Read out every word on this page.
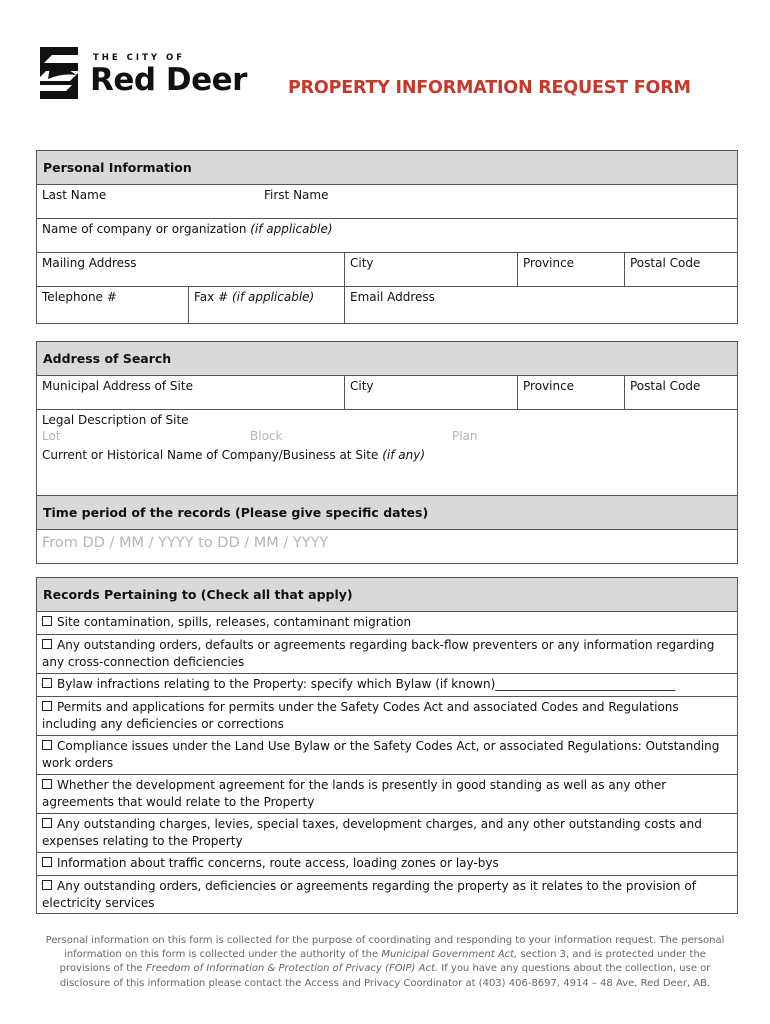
THE CITY OF
Red Deer PROPERTY INFORMATION REQUEST FORM
Personal Information
Last Name	First Name
Name of company or organization (if applicable)
Mailing Address	City	Province	Postal Code
Telephone #	Fax # (if applicable)	Email Address
Address of Search
Municipal Address of Site	City	Province	Postal Code
Legal Description of Site
Lot	Block	Plan
Current or Historical Name of Company/Business at Site (if any)
Time period of the records (Please give specific dates)
From DD / MM / YYYY to DD / MM / YYYY
Records Pertaining to (Check all that apply)
Site contamination, spills, releases, contaminant migration
Any outstanding orders, defaults or agreements regarding back-flow preventers or any information regarding any cross-connection deficiencies
Bylaw infractions relating to the Property: specify which Bylaw (if known)______________________________
Permits and applications for permits under the Safety Codes Act and associated Codes and Regulations including any deficiencies or corrections
Compliance issues under the Land Use Bylaw or the Safety Codes Act, or associated Regulations: Outstanding work orders
Whether the development agreement for the lands is presently in good standing as well as any other agreements that would relate to the Property
Any outstanding charges, levies, special taxes, development charges, and any other outstanding costs and expenses relating to the Property
Information about traffic concerns, route access, loading zones or lay-bys
Any outstanding orders, deficiencies or agreements regarding the property as it relates to the provision of electricity services
Personal information on this form is collected for the purpose of coordinating and responding to your information request. The personal information on this form is collected under the authority of the Municipal Government Act, section 3, and is protected under the provisions of the Freedom of Information & Protection of Privacy (FOIP) Act. If you have any questions about the collection, use or disclosure of this information please contact the Access and Privacy Coordinator at (403) 406-8697, 4914 – 48 Ave, Red Deer, AB.
